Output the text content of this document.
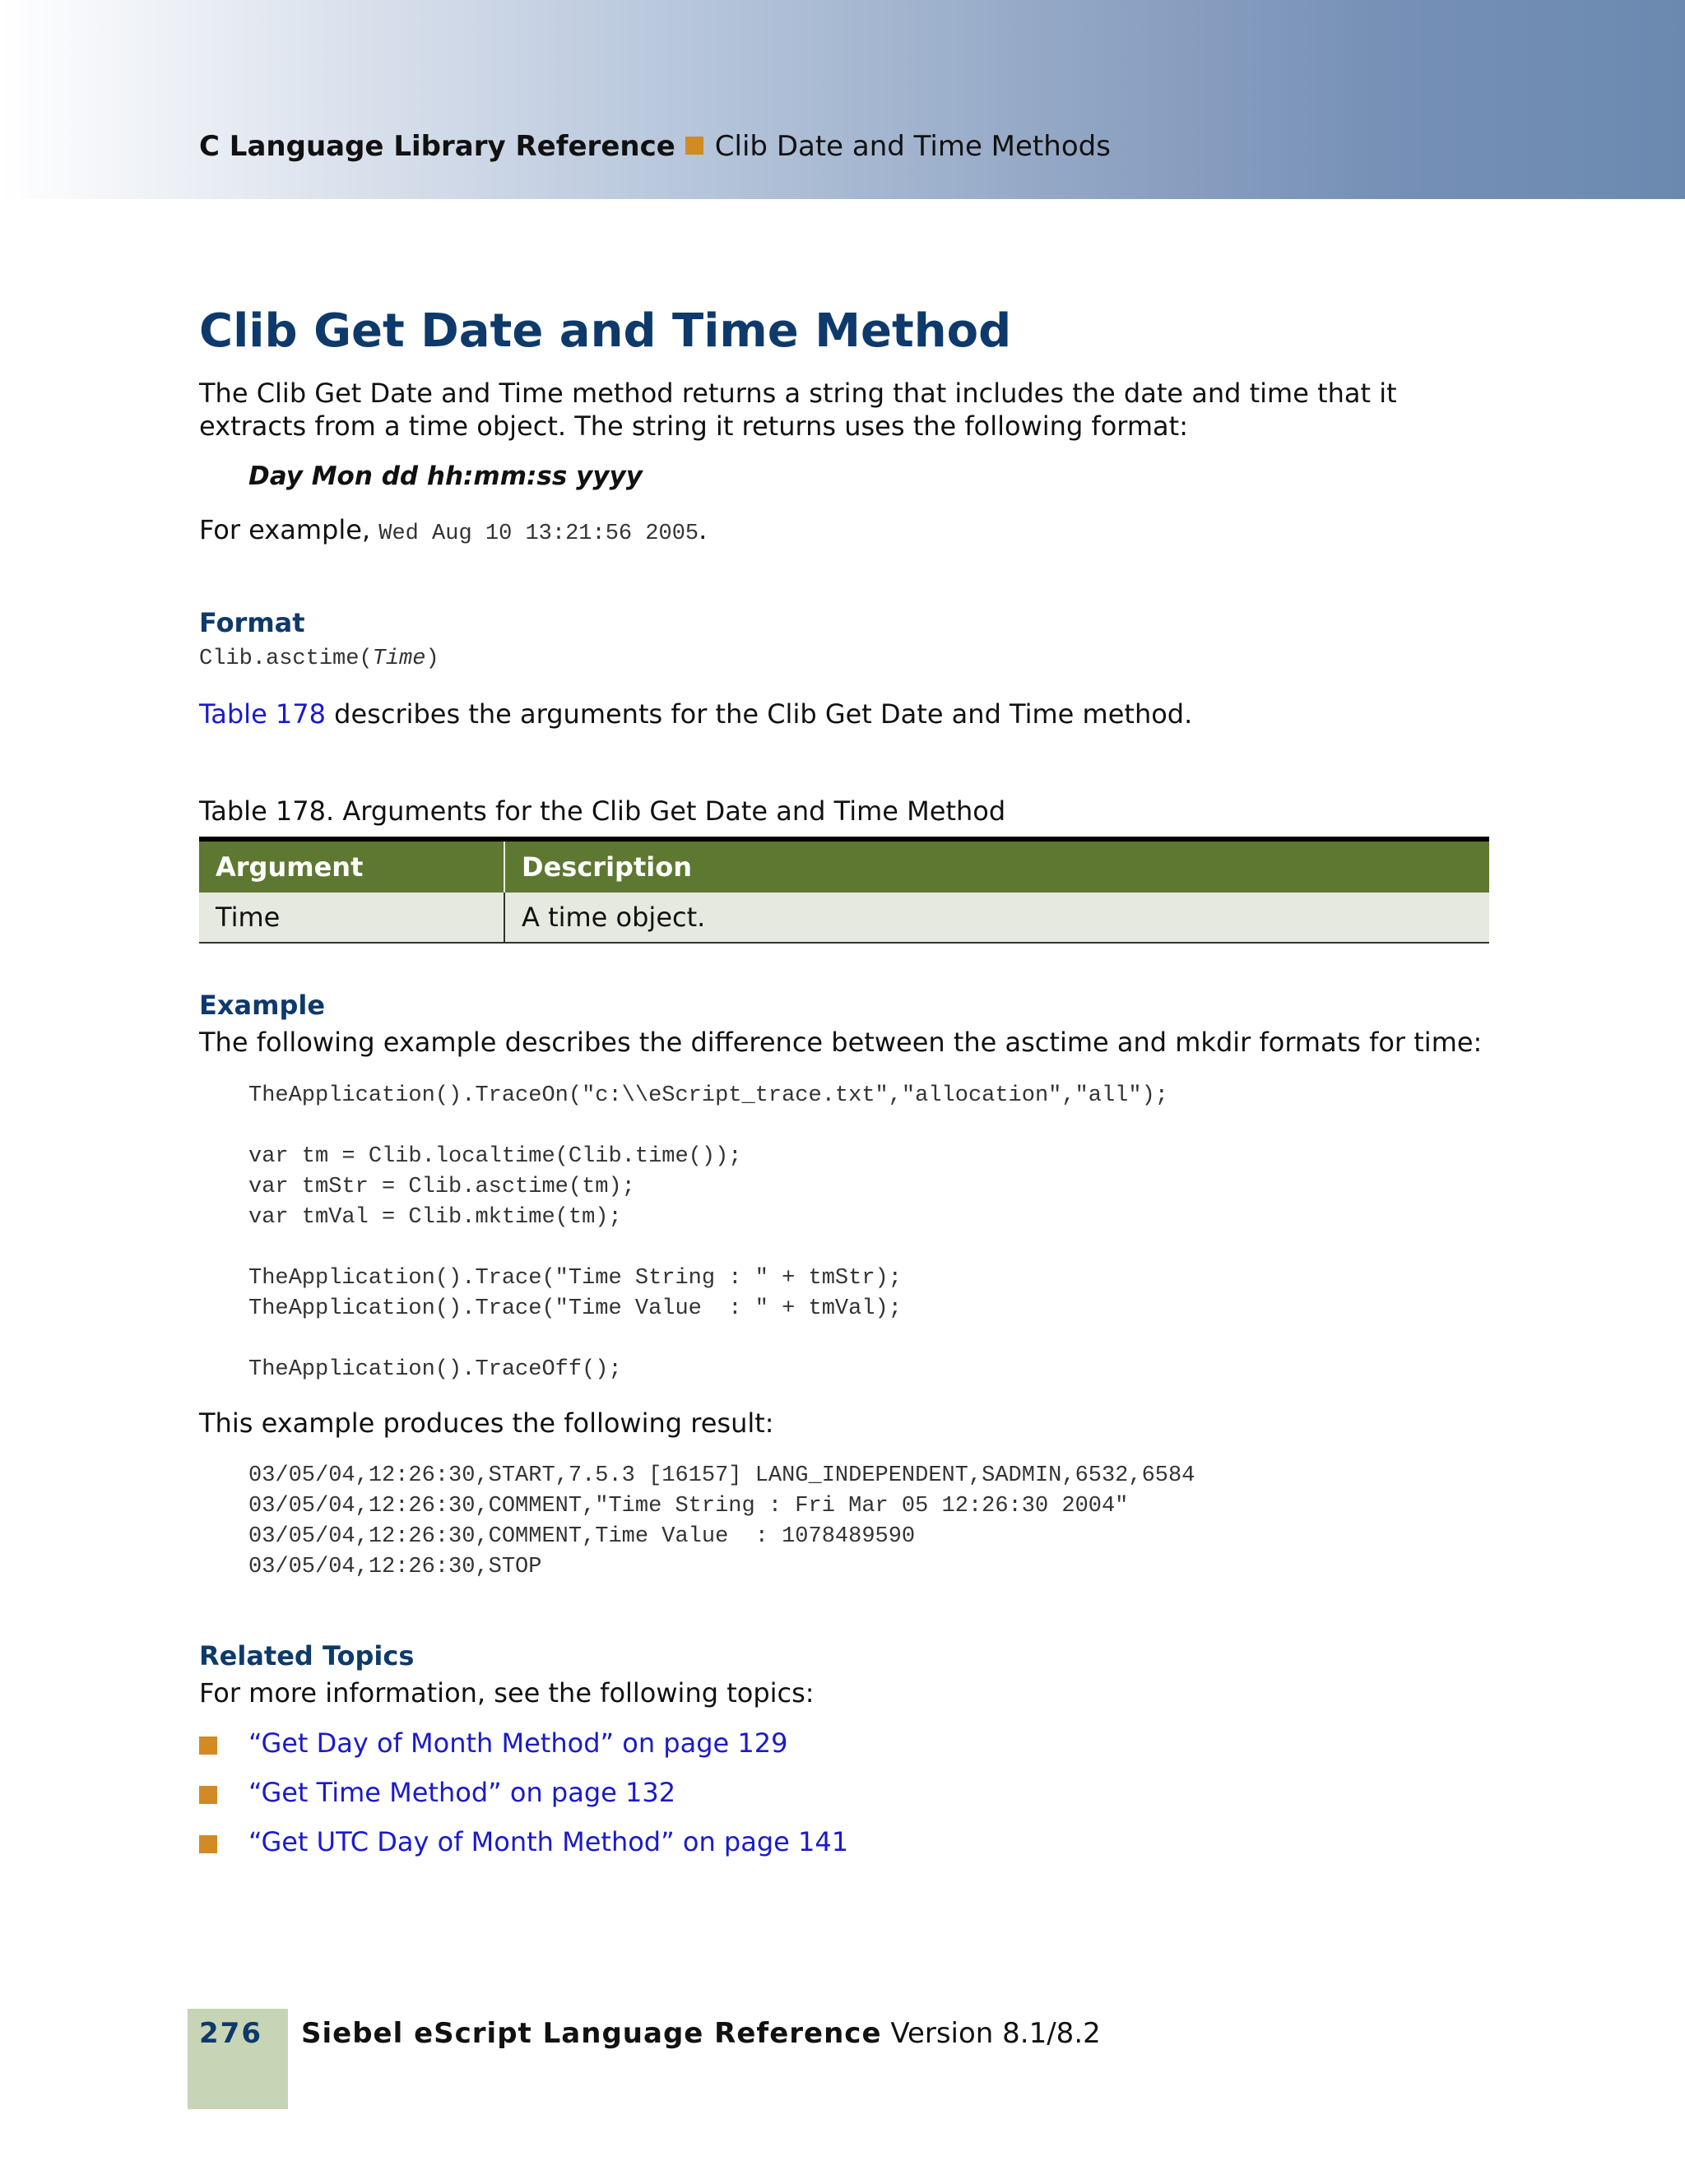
C Language Library Reference Clib Date and Time Methods
Clib Get Date and Time Method
The Clib Get Date and Time method returns a string that includes the date and time that it extracts from a time object. The string it returns uses the following format:
Day Mon dd hh:mm:ss yyyy
For example, Wed Aug 10 13:21:56 2005.
Format
Clib.asctime(Time)
Table 178 describes the arguments for the Clib Get Date and Time method.
Table 178. Arguments for the Clib Get Date and Time Method
Argument	Description
Time	A time object.
Example
The following example describes the difference between the asctime and mkdir formats for time:
TheApplication().TraceOn("c:\\eScript_trace.txt","allocation","all");

var tm = Clib.localtime(Clib.time());
var tmStr = Clib.asctime(tm);
var tmVal = Clib.mktime(tm);

TheApplication().Trace("Time String : " + tmStr);
TheApplication().Trace("Time Value  : " + tmVal);

TheApplication().TraceOff();
This example produces the following result:
03/05/04,12:26:30,START,7.5.3 [16157] LANG_INDEPENDENT,SADMIN,6532,6584
03/05/04,12:26:30,COMMENT,"Time String : Fri Mar 05 12:26:30 2004"
03/05/04,12:26:30,COMMENT,Time Value  : 1078489590
03/05/04,12:26:30,STOP
Related Topics
For more information, see the following topics:
“Get Day of Month Method” on page 129
“Get Time Method” on page 132
“Get UTC Day of Month Method” on page 141
276 Siebel eScript Language Reference Version 8.1/8.2
